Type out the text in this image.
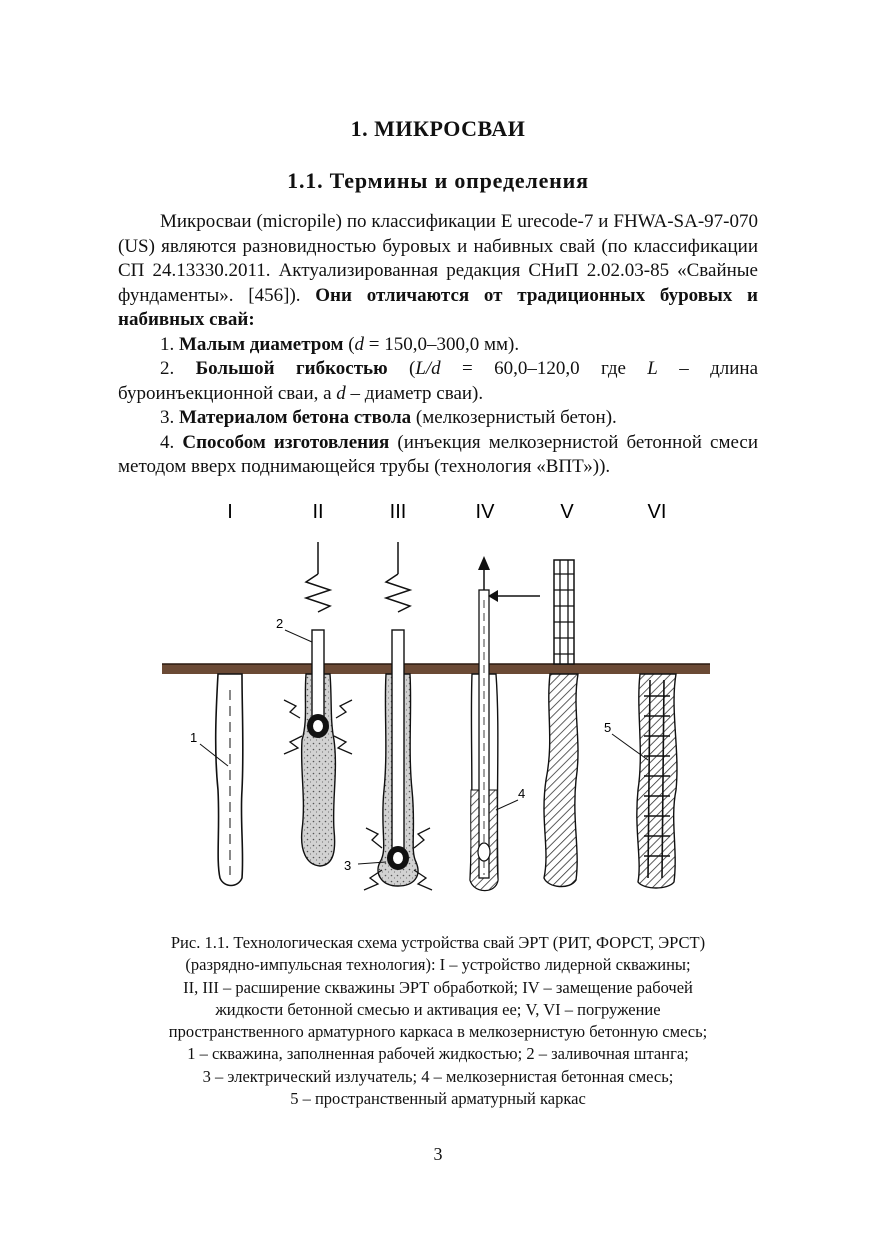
1. МИКРОСВАИ
1.1. Термины и определения

Микросваи (micropile) по классификации E urecode-7 и FHWA-SA-97-070 (US) являются разновидностью буровых и набивных свай (по классификации СП 24.13330.2011. Актуализированная редакция СНиП 2.02.03-85 «Свайные фундаменты». [456]). Они отличаются от традиционных буровых и набивных свай:

1. Малым диаметром (d = 150,0–300,0 мм).

2. Большой гибкостью (L/d = 60,0–120,0 где L – длина буроинъекционной сваи, а d – диаметр сваи).

3. Материалом бетона ствола (мелкозернистый бетон).

4. Способом изготовления (инъекция мелкозернистой бетонной смеси методом вверх поднимающейся трубы (технология «ВПТ»)).

I	II	III	IV	V	VI
2
3
4
5
1
Рис. 1.1. Технологическая схема устройства свай ЭРТ (РИТ, ФОРСТ, ЭРСТ)
(разрядно-импульсная технология): I – устройство лидерной скважины;
II, III – расширение скважины ЭРТ обработкой; IV – замещение рабочей
жидкости бетонной смесью и активация ее; V, VI – погружение
пространственного арматурного каркаса в мелкозернистую бетонную смесь;
1 – скважина, заполненная рабочей жидкостью; 2 – заливочная штанга;
3 – электрический излучатель; 4 – мелкозернистая бетонная смесь;
5 – пространственный арматурный каркас
3
